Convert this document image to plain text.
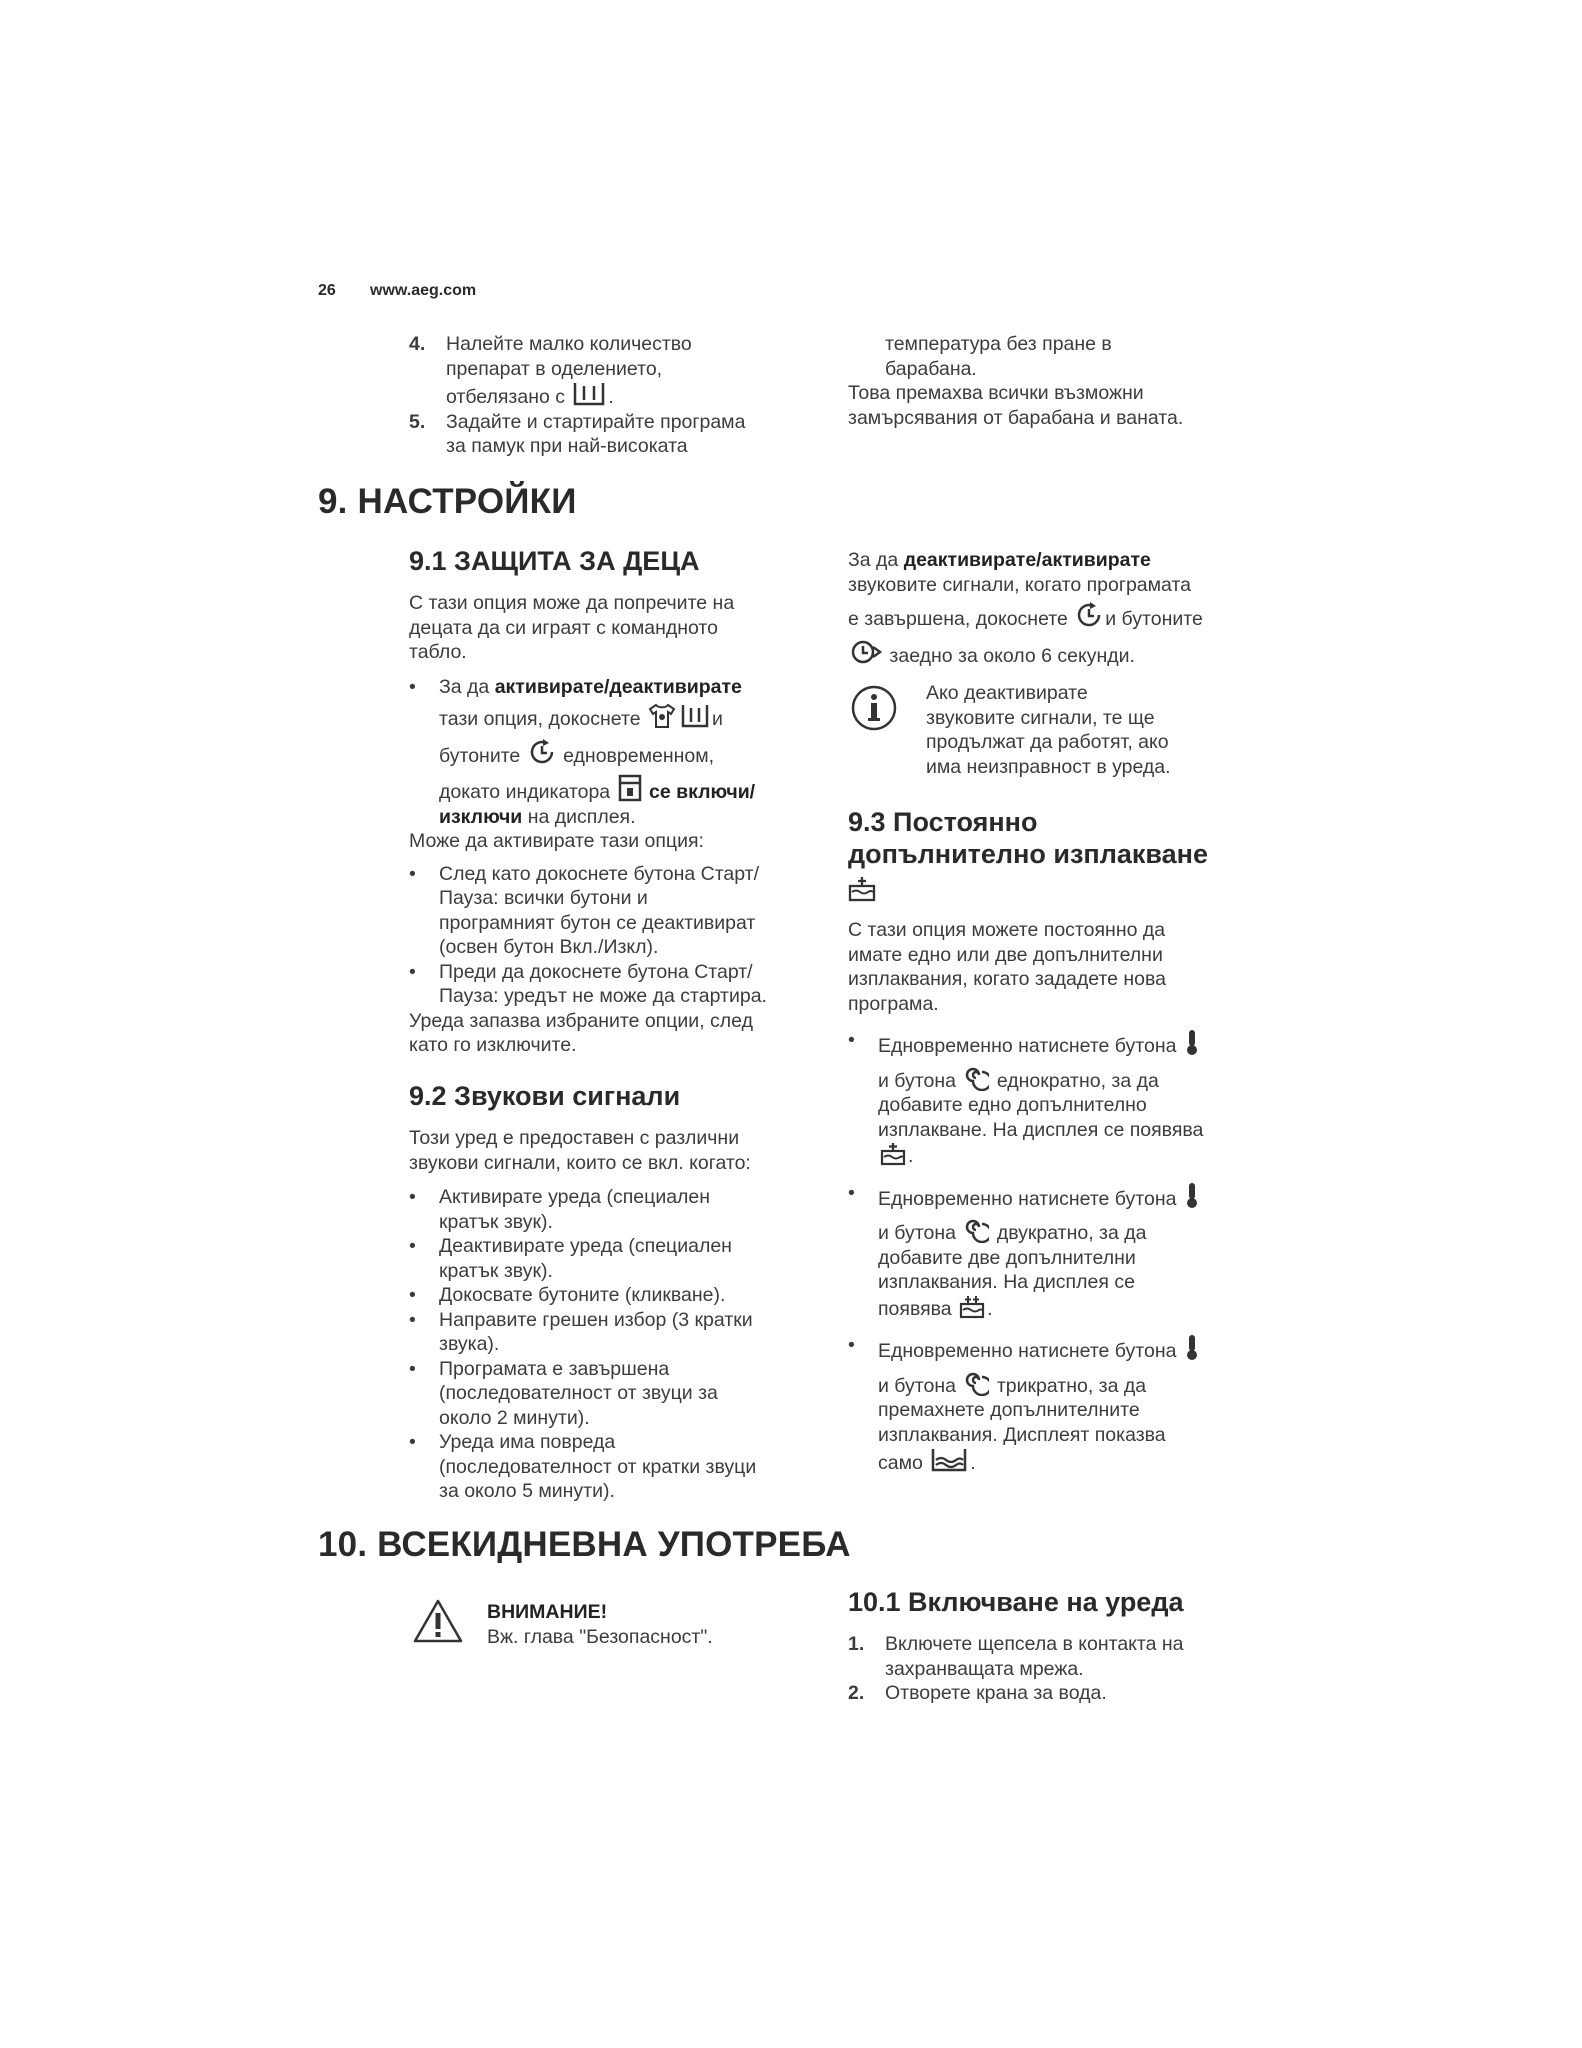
26 www.aeg.com
4. Налейте малко количество

препарат в оделението,

отбелязано с .

5. Задайте и стартирайте програма

за памук при най-високата

температура без пране в

барабана.

Това премахва всички възможни

замърсявания от барабана и ваната.

9. НАСТРОЙКИ
9.1 ЗАЩИТА ЗА ДЕЦА

С тази опция може да попречите на

децата да си играят с командното

табло.

• За да активирате/деактивирате

тази опция, докоснете	и

бутоните едновременном,

докато индикатора се включи/

изключи на дисплея.

Може да активирате тази опция:

• След като докоснете бутона Старт/

Пауза: всички бутони и

програмният бутон се деактивират

(освен бутон Вкл./Изкл).

• Преди да докоснете бутона Старт/

Пауза: уредът не може да стартира.

Уреда запазва избраните опции, след

като го изключите.

9.2 Звукови сигнали

Този уред е предоставен с различни

звукови сигнали, които се вкл. когато:

• Активирате уреда (специален

кратък звук).

• Деактивирате уреда (специален

кратък звук).

• Докосвате бутоните (кликване).

• Направите грешен избор (3 кратки

звука).

• Програмата е завършена

(последователност от звуци за

около 2 минути).

• Уреда има повреда

(последователност от кратки звуци

за около 5 минути).

За да деактивирате/активирате

звуковите сигнали, когато програмата

е завършена, докоснете и бутоните

заедно за около 6 секунди.

Ако деактивирате

звуковите сигнали, те ще

продължат да работят, ако

има неизправност в уреда.

9.3 Постоянно

допълнително изплакване

С тази опция можете постоянно да

имате едно или две допълнителни

изплаквания, когато зададете нова

програма.

• Едновременно натиснете бутона

и бутона еднократно, за да

добавите едно допълнително

изплакване. На дисплея се появява

.

• Едновременно натиснете бутона

и бутона двукратно, за да

добавите две допълнителни

изплаквания. На дисплея се

появява .

• Едновременно натиснете бутона

и бутона трикратно, за да

премахнете допълнителните

изплаквания. Дисплеят показва

само .

10. ВСЕКИДНЕВНА УПОТРЕБА

ВНИМАНИЕ!

Вж. глава "Безопасност".

10.1 Включване на уреда
1. Включете щепсела в контакта на

захранващата мрежа.

2. Отворете крана за вода.
